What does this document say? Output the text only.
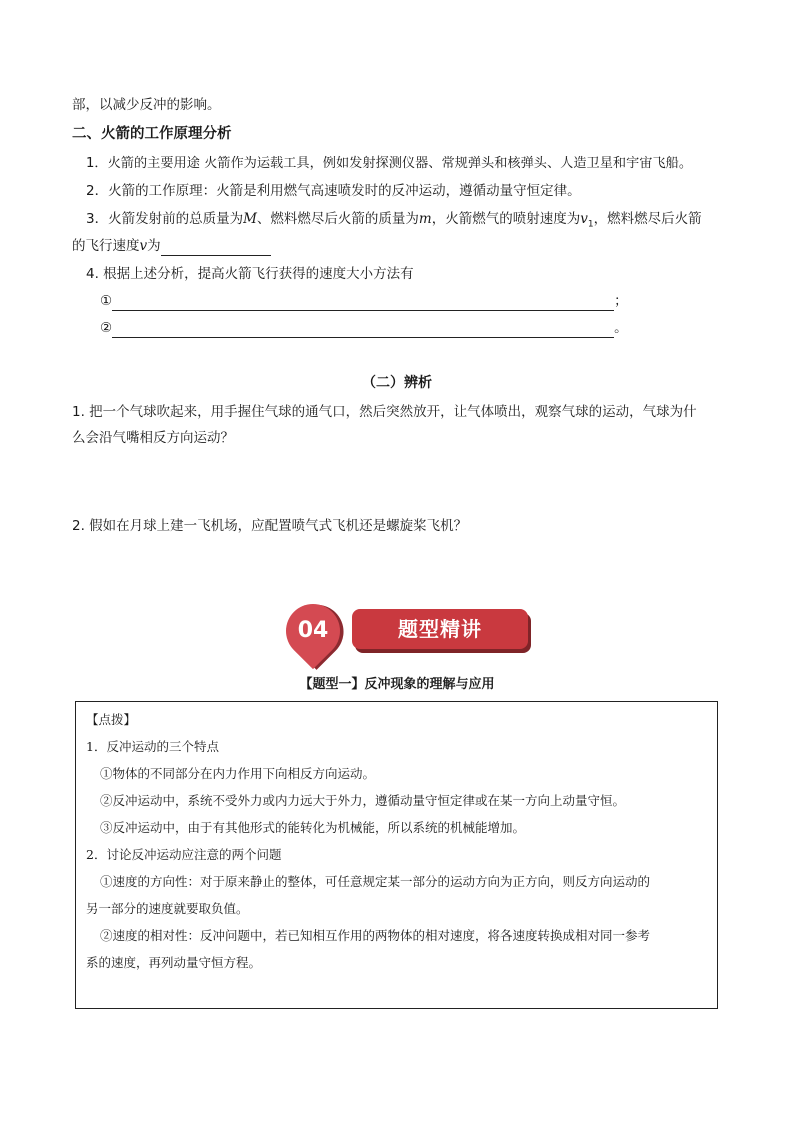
部，以减少反冲的影响。
二、火箭的工作原理分析
1．火箭的主要用途 火箭作为运载工具，例如发射探测仪器、常规弹头和核弹头、人造卫星和宇宙飞船。
2．火箭的工作原理：火箭是利用燃气高速喷发时的反冲运动，遵循动量守恒定律。
3．火箭发射前的总质量为M、燃料燃尽后火箭的质量为m，火箭燃气的喷射速度为$v_1$，燃料燃尽后火箭
的飞行速度v为
4. 根据上述分析，提高火箭飞行获得的速度大小方法有
①	；
②	。
（二）辨析
1. 把一个气球吹起来，用手握住气球的通气口，然后突然放开，让气体喷出，观察气球的运动，气球为什
么会沿气嘴相反方向运动？
2. 假如在月球上建一飞机场，应配置喷气式飞机还是螺旋桨飞机？
04	题型精讲
【题型一】反冲现象的理解与应用
【点拨】
1．反冲运动的三个特点
①物体的不同部分在内力作用下向相反方向运动。
②反冲运动中，系统不受外力或内力远大于外力，遵循动量守恒定律或在某一方向上动量守恒。
③反冲运动中，由于有其他形式的能转化为机械能，所以系统的机械能增加。
2．讨论反冲运动应注意的两个问题
①速度的方向性：对于原来静止的整体，可任意规定某一部分的运动方向为正方向，则反方向运动的
另一部分的速度就要取负值。
②速度的相对性：反冲问题中，若已知相互作用的两物体的相对速度，将各速度转换成相对同一参考
系的速度，再列动量守恒方程。
